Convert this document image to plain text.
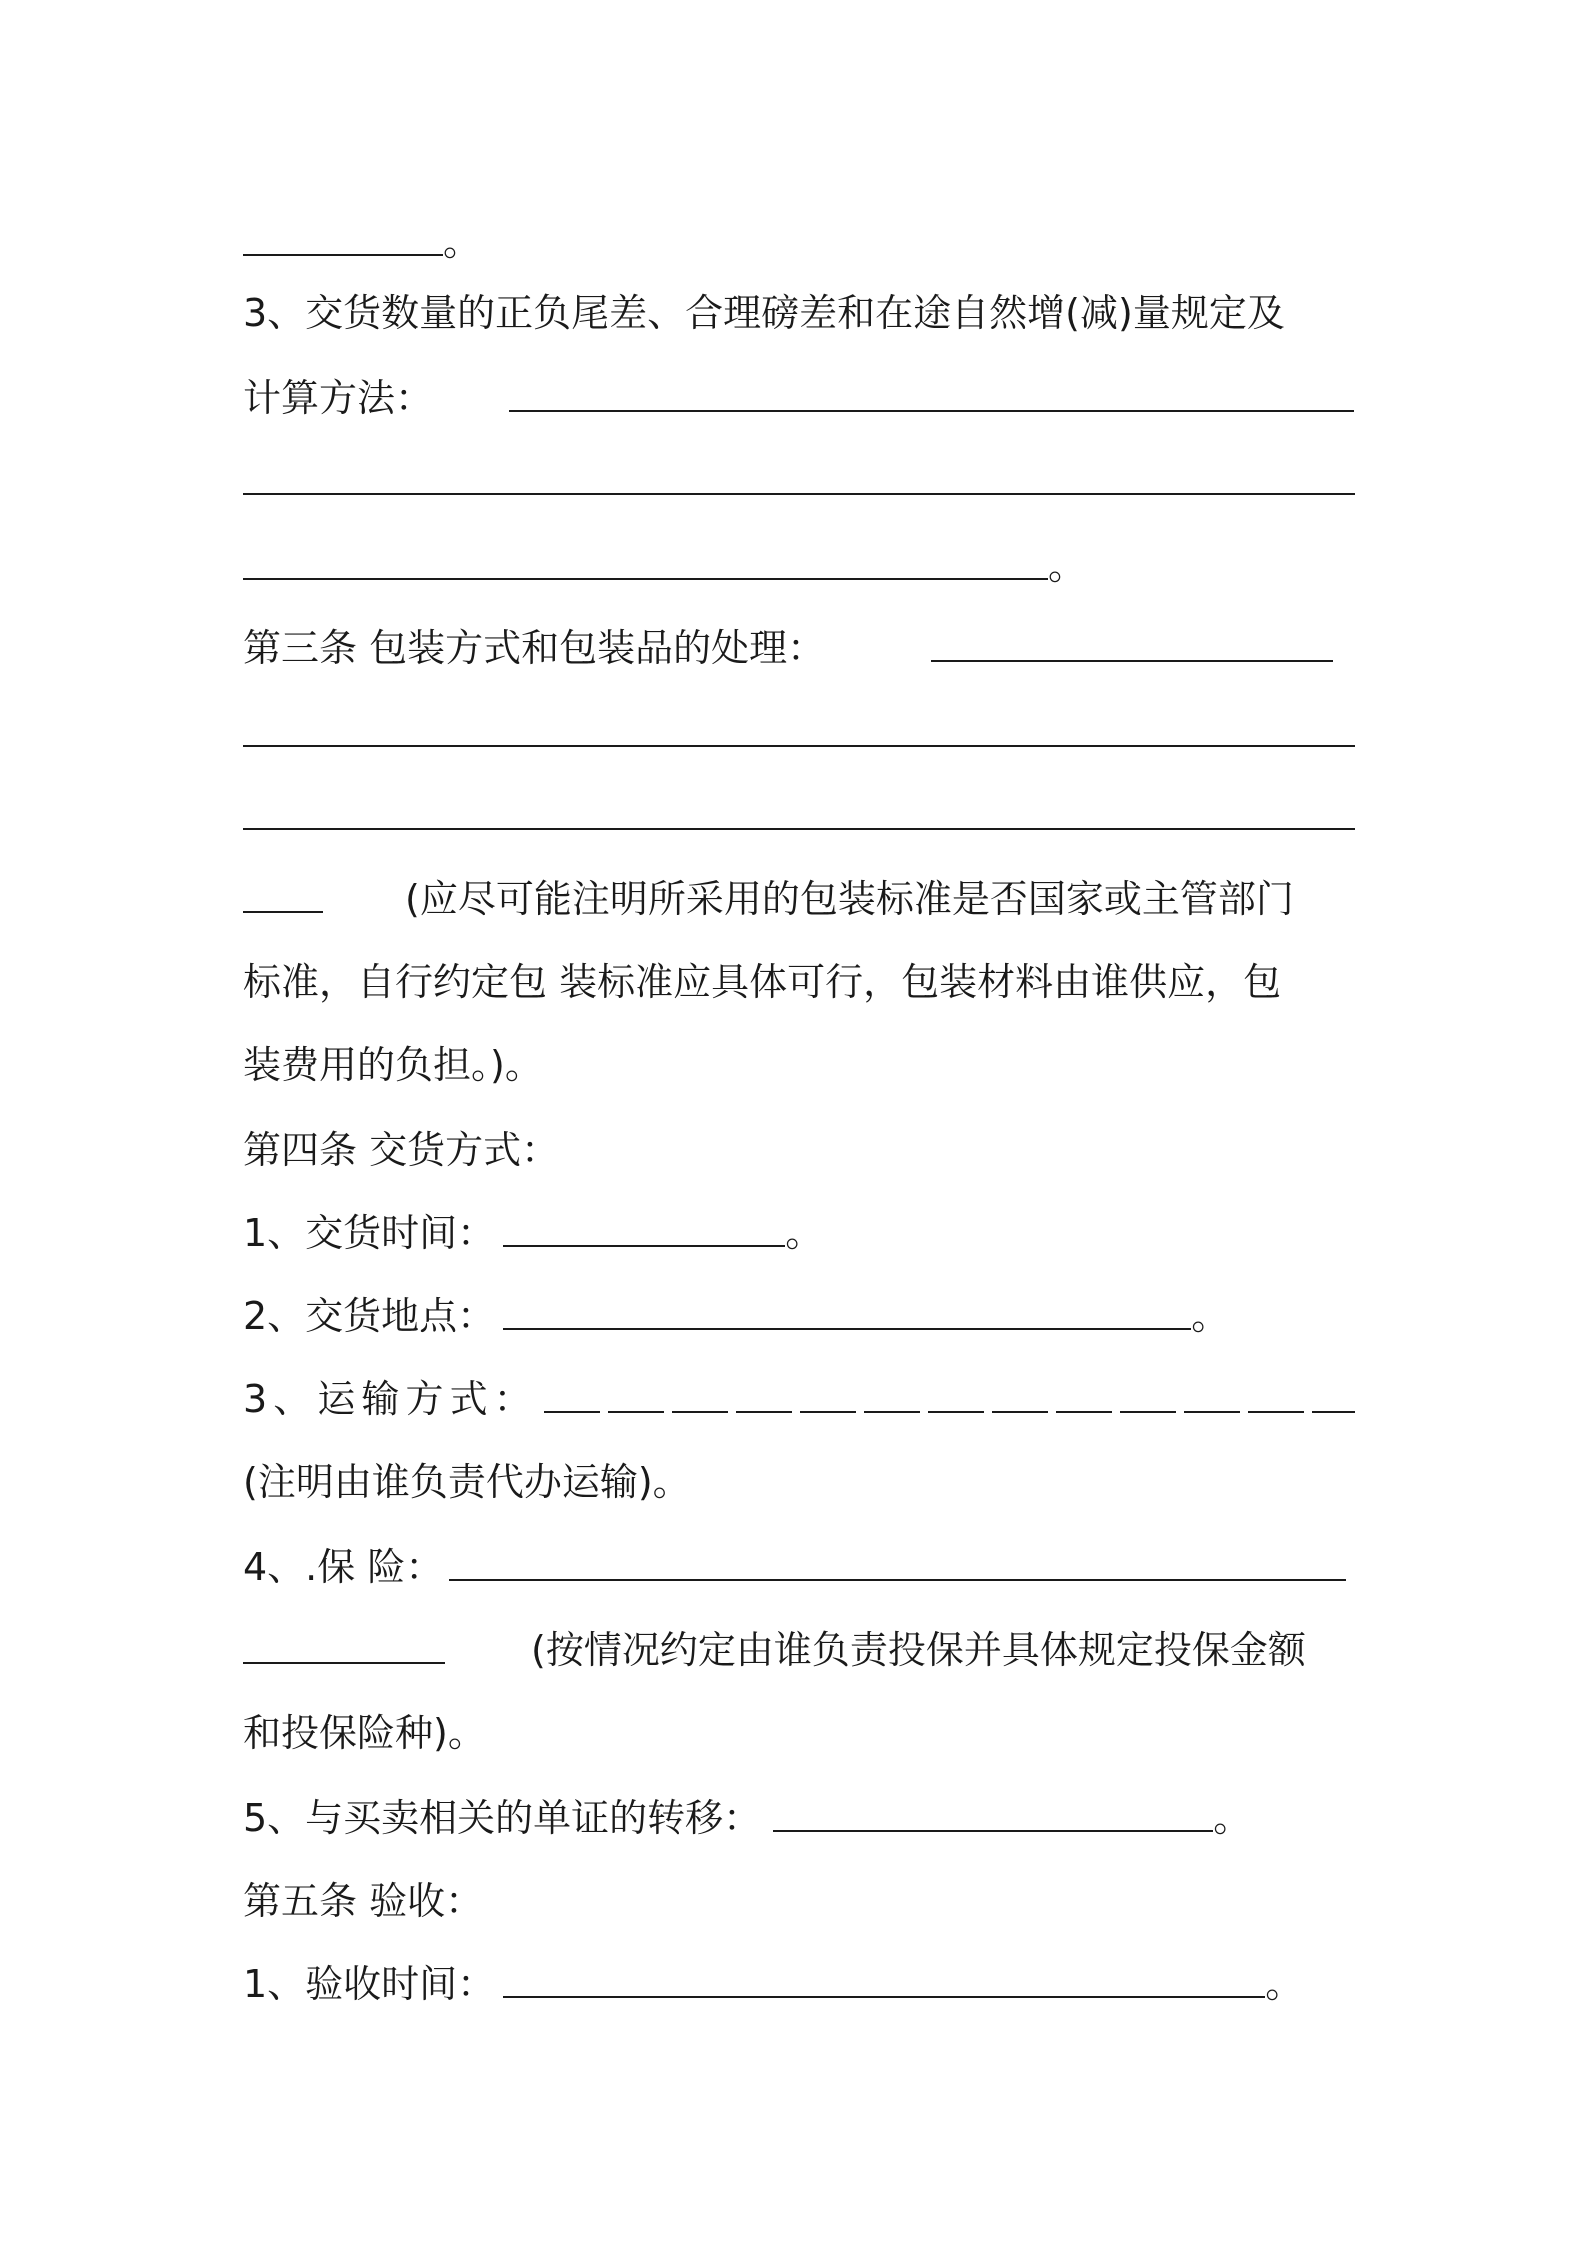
。
3、交货数量的正负尾差、合理磅差和在途自然增(减)量规定及
计算方法：
。
第三条 包装方式和包装品的处理：
(应尽可能注明所采用的包装标准是否国家或主管部门
标准，自行约定包 装标准应具体可行，包装材料由谁供应，包
装费用的负担。)。
第四条 交货方式：
1、交货时间：	。
2、交货地点：	。
3、运输方式：
(注明由谁负责代办运输)。
4、.保 险：
(按情况约定由谁负责投保并具体规定投保金额
和投保险种)。
5、与买卖相关的单证的转移：	。
第五条 验收：
1、验收时间：	。
